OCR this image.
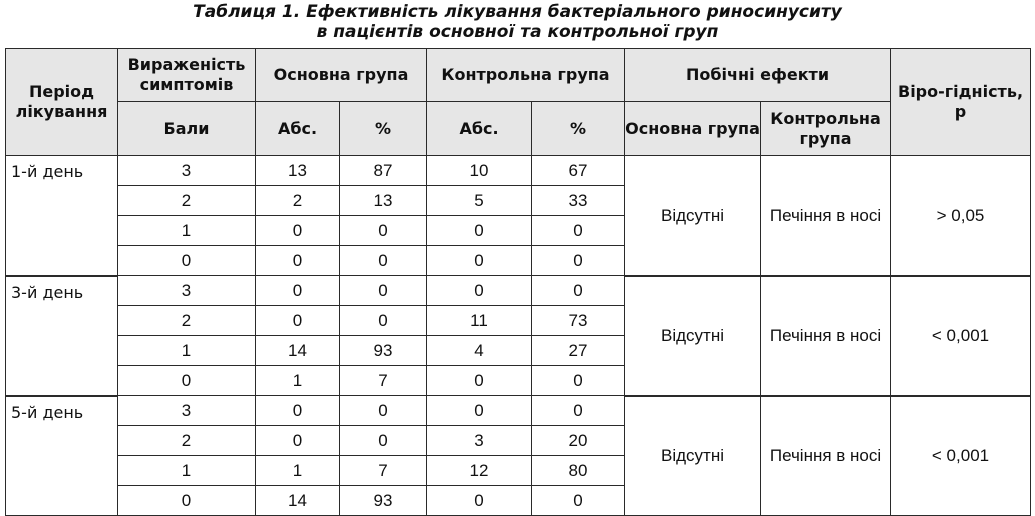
Таблиця 1. Ефективність лікування бактеріального риносинуситу
в пацієнтів основної та контрольної груп
Період лікування	Вираженість симптомів	Основна група		Контрольна група		Побічні ефекти		Віро-гідність, р
	Бали	Абс.	%	Абс.	%	Основна група	Контрольна група	
1-й день	3	13	87	10	67	Відсутні	Печіння в носі	> 0,05
	2	2	13	5	33			
	1	0	0	0	0			
	0	0	0	0	0			
3-й день	3	0	0	0	0	Відсутні	Печіння в носі	< 0,001
	2	0	0	11	73			
	1	14	93	4	27			
	0	1	7	0	0			
5-й день	3	0	0	0	0	Відсутні	Печіння в носі	< 0,001
	2	0	0	3	20			
	1	1	7	12	80			
	0	14	93	0	0			
